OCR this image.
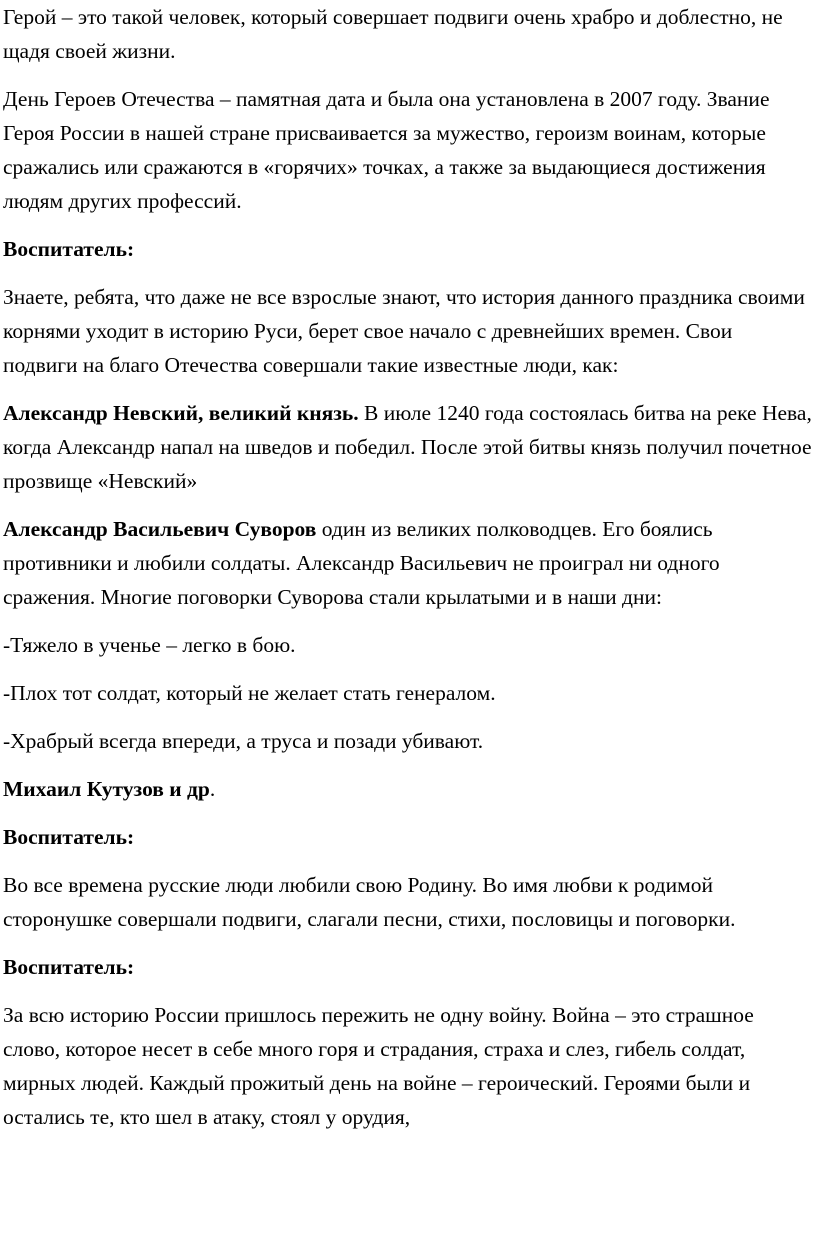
Герой – это такой человек, который совершает подвиги очень храбро и доблестно, не щадя своей жизни.

День Героев Отечества – памятная дата и была она установлена в 2007 году. Звание Героя России в нашей стране присваивается за мужество, героизм воинам, которые сражались или сражаются в «горячих» точках, а также за выдающиеся достижения людям других профессий.

Воспитатель:

Знаете, ребята, что даже не все взрослые знают, что история данного праздника своими корнями уходит в историю Руси, берет свое начало с древнейших времен. Свои подвиги на благо Отечества совершали такие известные люди, как:

Александр Невский, великий князь. В июле 1240 года состоялась битва на реке Нева, когда Александр напал на шведов и победил. После этой битвы князь получил почетное прозвище «Невский»

Александр Васильевич Суворов один из великих полководцев. Его боялись противники и любили солдаты. Александр Васильевич не проиграл ни одного сражения. Многие поговорки Суворова стали крылатыми и в наши дни:

-Тяжело в ученье – легко в бою.

-Плох тот солдат, который не желает стать генералом.

-Храбрый всегда впереди, а труса и позади убивают.

Михаил Кутузов и др.

Воспитатель:

Во все времена русские люди любили свою Родину. Во имя любви к родимой сторонушке совершали подвиги, слагали песни, стихи, пословицы и поговорки.

Воспитатель:

За всю историю России пришлось пережить не одну войну. Война – это страшное слово, которое несет в себе много горя и страдания, страха и слез, гибель солдат, мирных людей. Каждый прожитый день на войне – героический. Героями были и остались те, кто шел в атаку, стоял у орудия,
